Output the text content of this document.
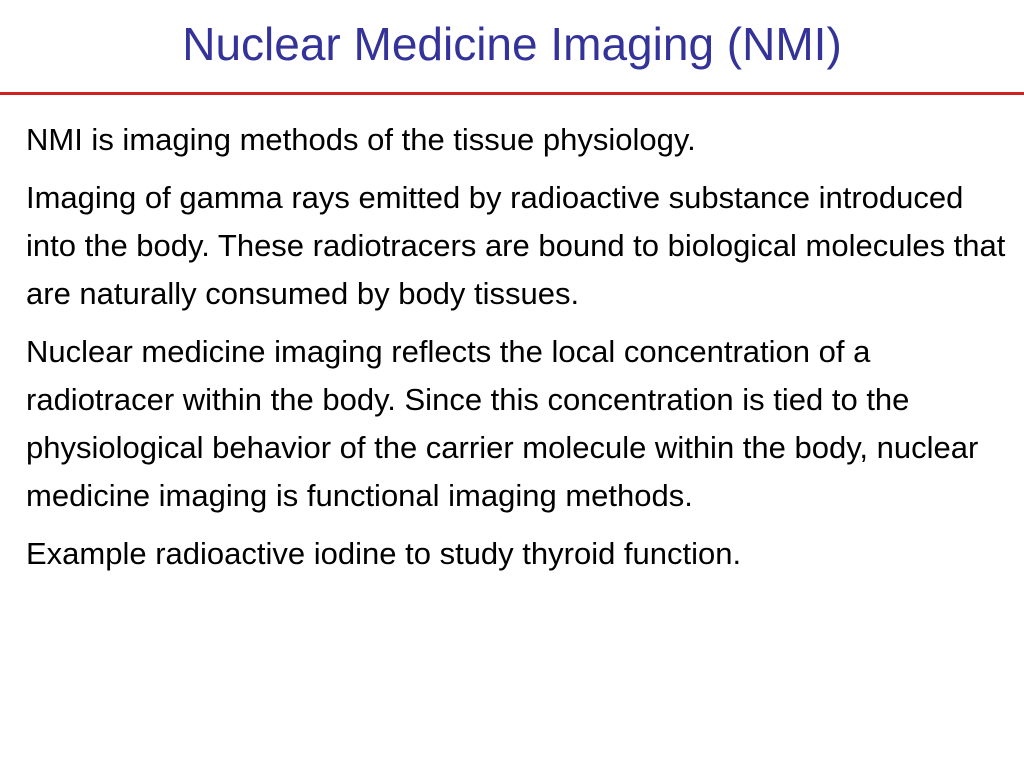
Nuclear Medicine Imaging (NMI)

NMI is imaging methods of the tissue physiology.

Imaging of gamma rays emitted by radioactive substance introduced into the body. These radiotracers are bound to biological molecules that are naturally consumed by body tissues.

Nuclear medicine imaging reflects the local concentration of a radiotracer within the body. Since this concentration is tied to the physiological behavior of the carrier molecule within the body, nuclear medicine imaging is functional imaging methods.

Example radioactive iodine to study thyroid function.
